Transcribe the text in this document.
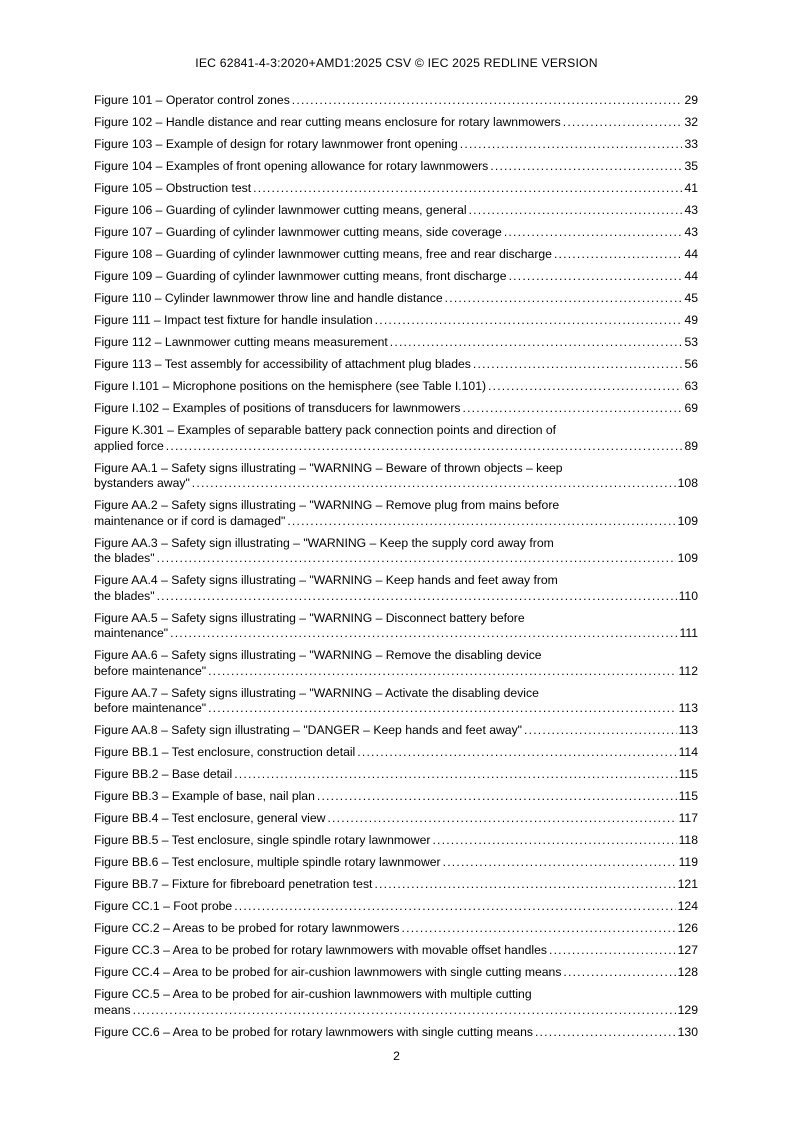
IEC 62841-4-3:2020+AMD1:2025 CSV © IEC 2025 REDLINE VERSION
Figure 101 – Operator control zones .....	29
Figure 102 – Handle distance and rear cutting means enclosure for rotary lawnmowers .....	32
Figure 103 – Example of design for rotary lawnmower front opening .....	33
Figure 104 – Examples of front opening allowance for rotary lawnmowers .....	35
Figure 105 – Obstruction test .....	41
Figure 106 – Guarding of cylinder lawnmower cutting means, general .....	43
Figure 107 – Guarding of cylinder lawnmower cutting means, side coverage .....	43
Figure 108 – Guarding of cylinder lawnmower cutting means, free and rear discharge .....	44
Figure 109 – Guarding of cylinder lawnmower cutting means, front discharge .....	44
Figure 110 – Cylinder lawnmower throw line and handle distance .....	45
Figure 111 – Impact test fixture for handle insulation .....	49
Figure 112 – Lawnmower cutting means measurement .....	53
Figure 113 – Test assembly for accessibility of attachment plug blades .....	56
Figure I.101 – Microphone positions on the hemisphere (see Table I.101) .....	63
Figure I.102 – Examples of positions of transducers for lawnmowers .....	69
Figure K.301 – Examples of separable battery pack connection points and direction of
applied force .....	89
Figure AA.1 – Safety signs illustrating – "WARNING – Beware of thrown objects – keep
bystanders away" .....	108
Figure AA.2 – Safety signs illustrating – "WARNING – Remove plug from mains before
maintenance or if cord is damaged" .....	109
Figure AA.3 – Safety sign illustrating – "WARNING – Keep the supply cord away from
the blades" .....	109
Figure AA.4 – Safety signs illustrating – "WARNING – Keep hands and feet away from
the blades" .....	110
Figure AA.5 – Safety signs illustrating – "WARNING – Disconnect battery before
maintenance" .....	111
Figure AA.6 – Safety signs illustrating – "WARNING – Remove the disabling device
before maintenance" .....	112
Figure AA.7 – Safety signs illustrating – "WARNING – Activate the disabling device
before maintenance" .....	113
Figure AA.8 – Safety sign illustrating – "DANGER – Keep hands and feet away" .....	113
Figure BB.1 – Test enclosure, construction detail .....	114
Figure BB.2 – Base detail .....	115
Figure BB.3 – Example of base, nail plan .....	115
Figure BB.4 – Test enclosure, general view .....	117
Figure BB.5 – Test enclosure, single spindle rotary lawnmower .....	118
Figure BB.6 – Test enclosure, multiple spindle rotary lawnmower .....	119
Figure BB.7 – Fixture for fibreboard penetration test .....	121
Figure CC.1 – Foot probe .....	124
Figure CC.2 – Areas to be probed for rotary lawnmowers .....	126
Figure CC.3 – Area to be probed for rotary lawnmowers with movable offset handles .....	127
Figure CC.4 – Area to be probed for air-cushion lawnmowers with single cutting means .....	128
Figure CC.5 – Area to be probed for air-cushion lawnmowers with multiple cutting
means .....	129
Figure CC.6 – Area to be probed for rotary lawnmowers with single cutting means .....	130
2
